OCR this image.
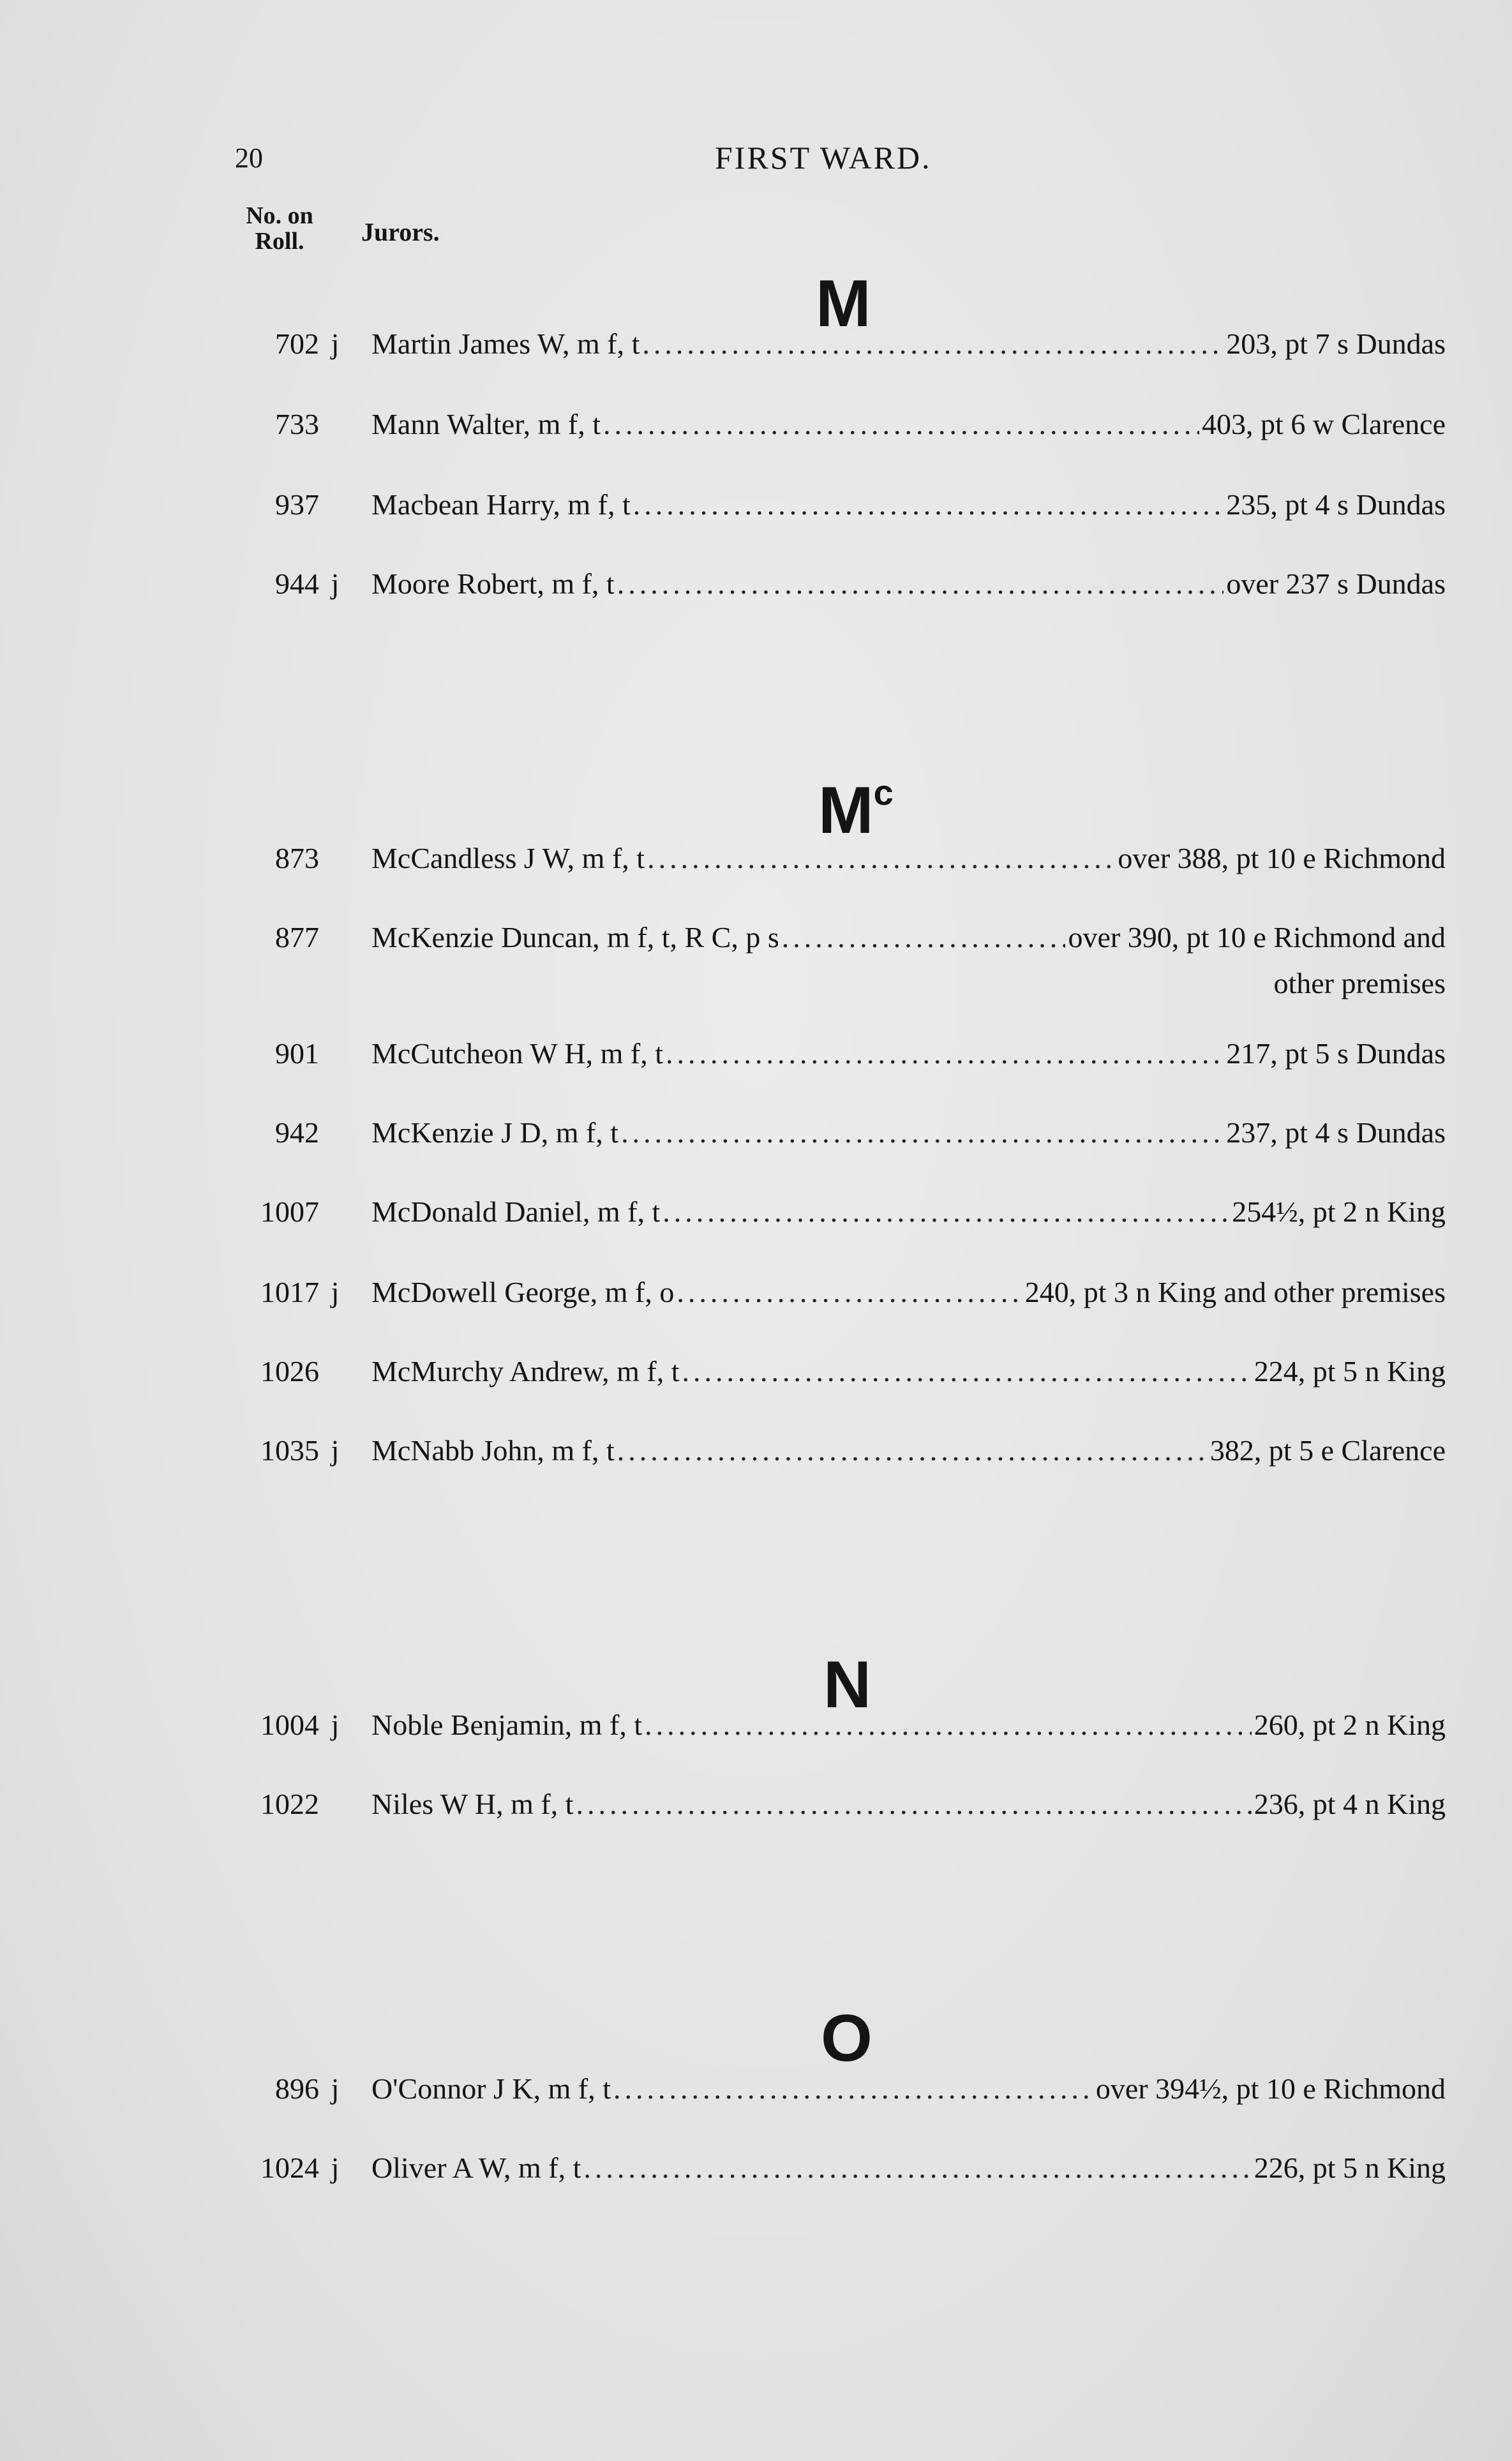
20	FIRST WARD.
No. on Roll.	Jurors.
M
702 j Martin James W, m f, t .....	203, pt 7 s Dundas
733 Mann Walter, m f, t .....	403, pt 6 w Clarence
937 Macbean Harry, m f, t .....	235, pt 4 s Dundas
944 j Moore Robert, m f, t .....	over 237 s Dundas
$M^c$
873 McCandless J W, m f, t .....	over 388, pt 10 e Richmond
877 McKenzie Duncan, m f, t, R C, p s .....	over 390, pt 10 e Richmond and
other premises
901 McCutcheon W H, m f, t .....	217, pt 5 s Dundas
942 McKenzie J D, m f, t .....	237, pt 4 s Dundas
1007 McDonald Daniel, m f, t .....	254½, pt 2 n King
1017 j McDowell George, m f, o .....	240, pt 3 n King and other premises
1026 McMurchy Andrew, m f, t .....	224, pt 5 n King
1035 j McNabb John, m f, t .....	382, pt 5 e Clarence
N
1004 j Noble Benjamin, m f, t .....	260, pt 2 n King
1022 Niles W H, m f, t .....	236, pt 4 n King
O
896 j O'Connor J K, m f, t .....	over 394½, pt 10 e Richmond
1024 j Oliver A W, m f, t .....	226, pt 5 n King
